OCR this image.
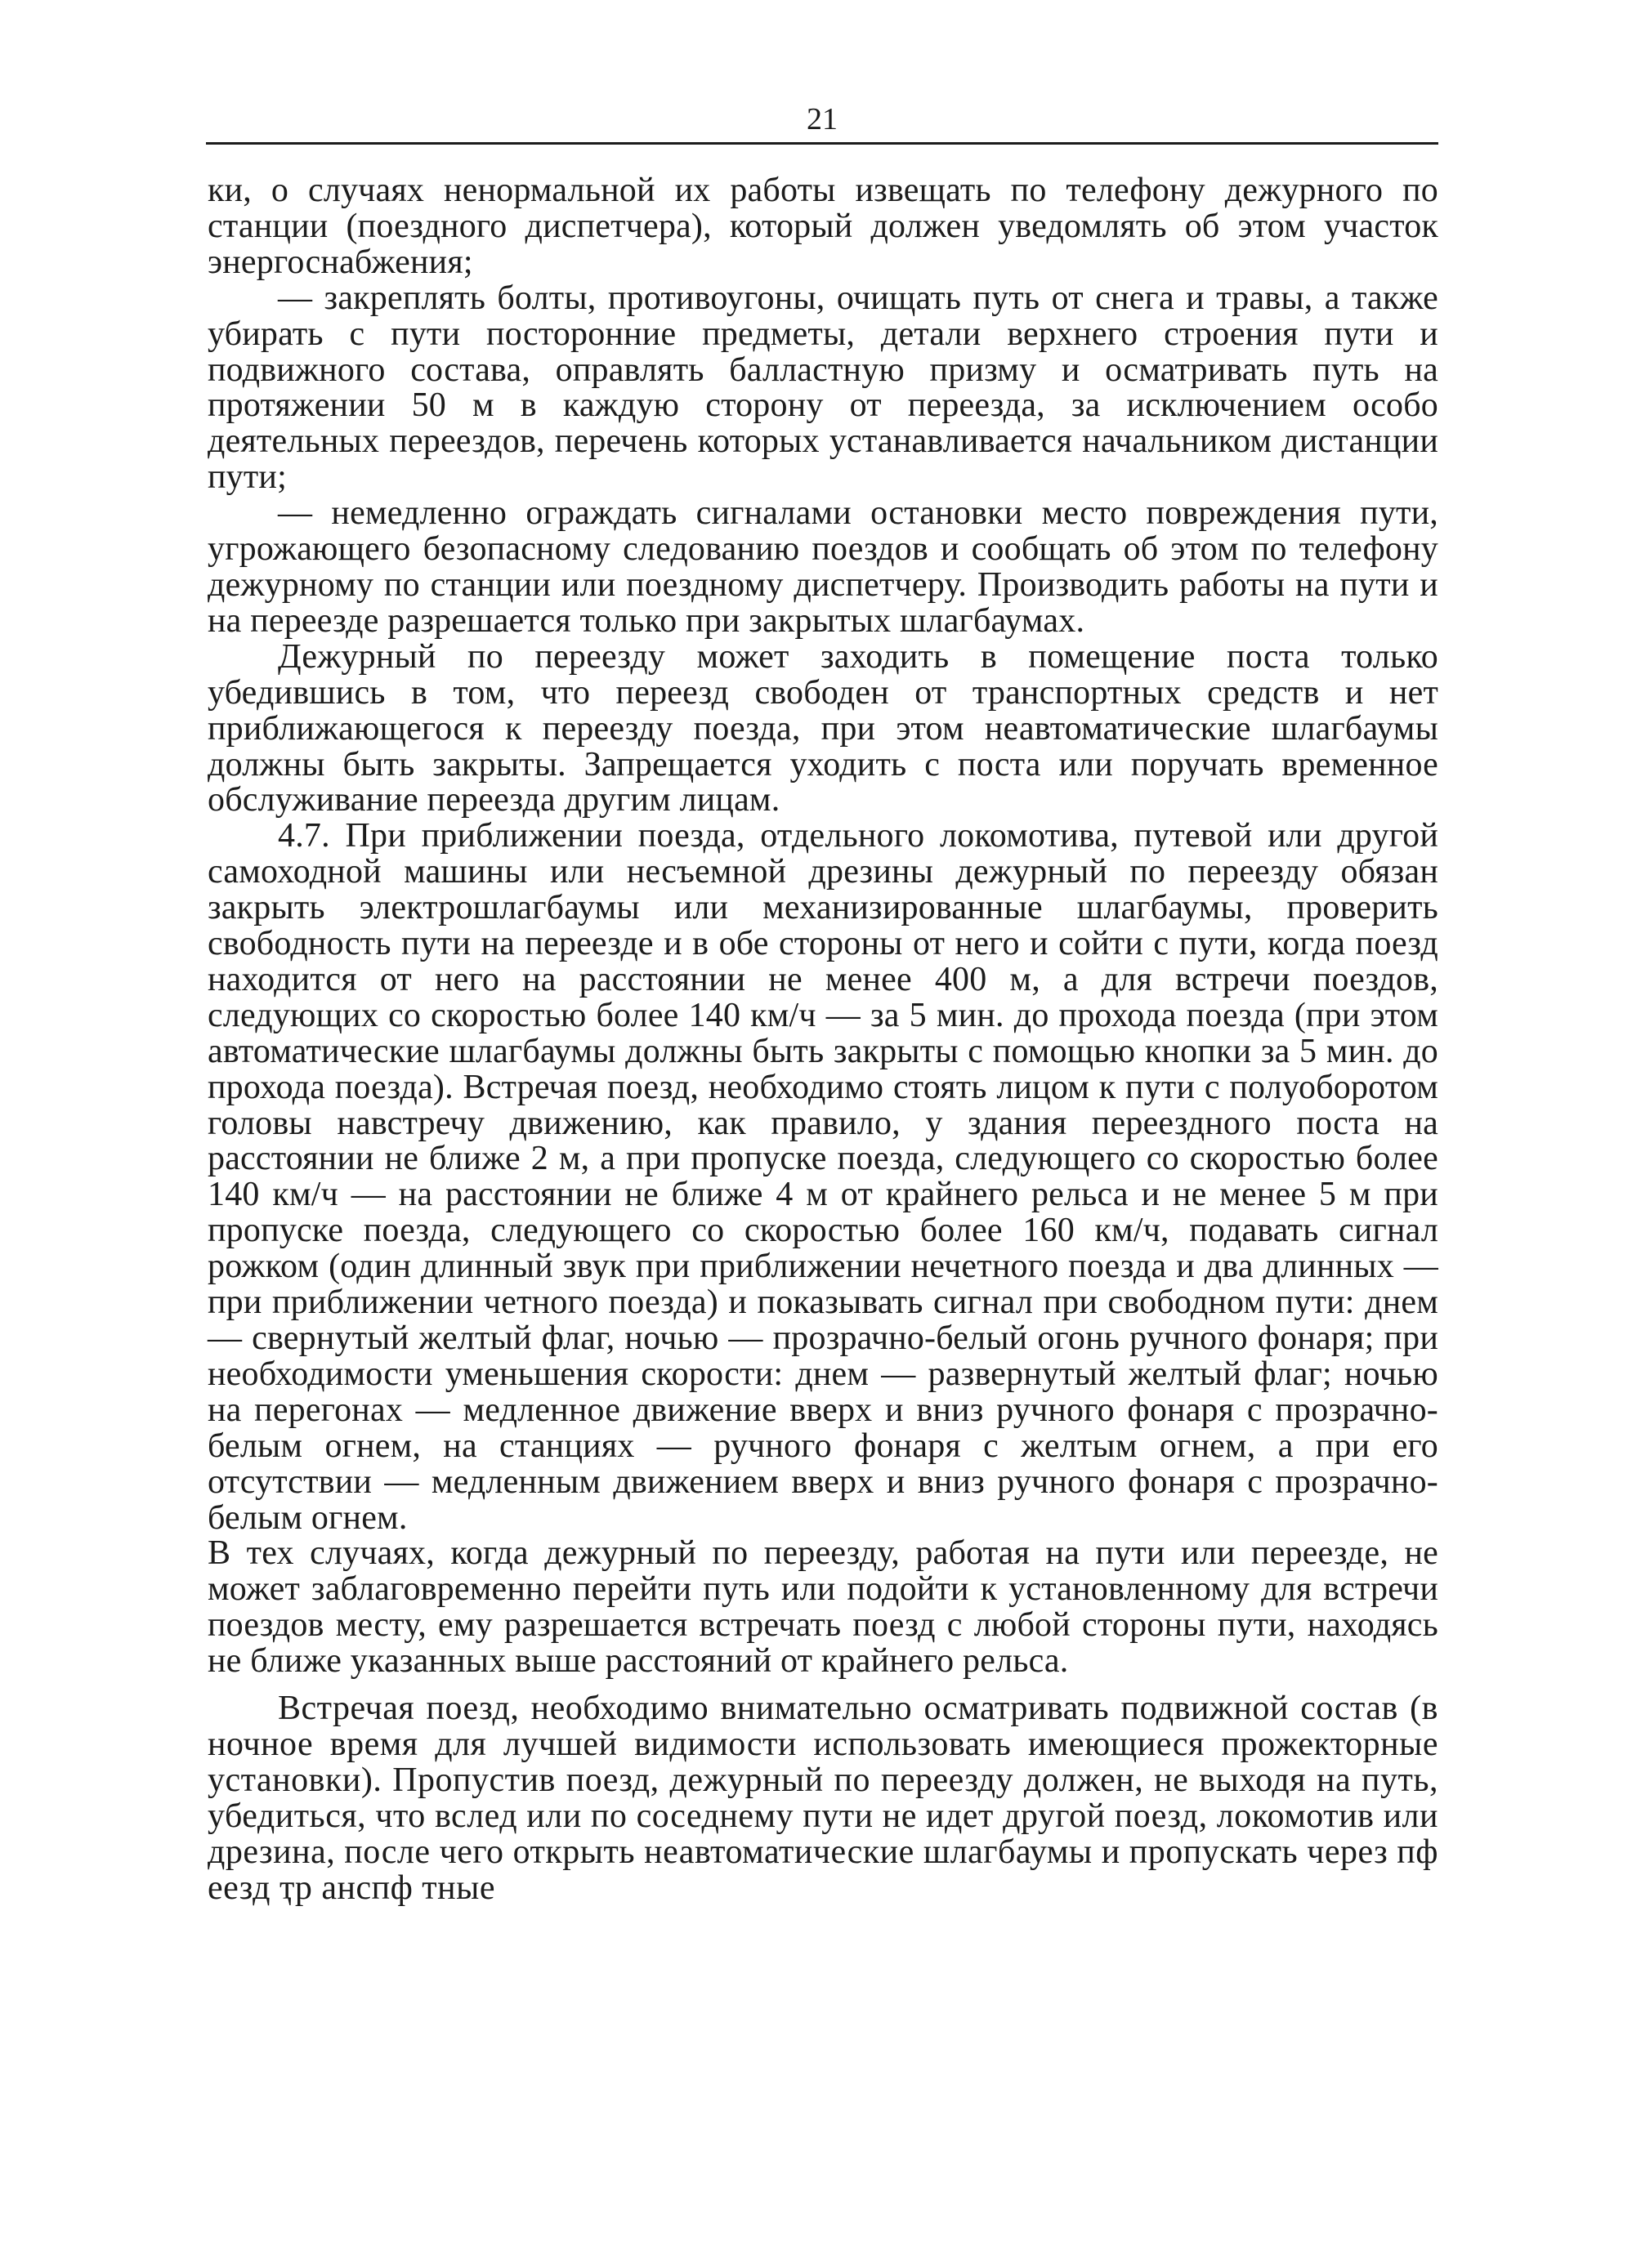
21

ки, о случаях ненормальной их работы извещать по телефону дежурного по станции (поездного диспетчера), который должен уведомлять об этом участок энергоснабжения;

— закреплять болты, противоугоны, очищать путь от снега и травы, а также убирать с пути посторонние предметы, детали верхнего строения пути и подвижного состава, оправлять балластную призму и осматривать путь на протяжении 50 м в каждую сторону от переезда, за исключением особо деятельных переездов, перечень которых устанавливается начальником дистанции пути;

— немедленно ограждать сигналами остановки место повреждения пути, угрожающего безопасному следованию поездов и сообщать об этом по телефону дежурному по станции или поездному диспетчеру. Производить работы на пути и на переезде разрешается только при закрытых шлагбаумах.

Дежурный по переезду может заходить в помещение поста только убедившись в том, что переезд свободен от транспортных средств и нет приближающегося к переезду поезда, при этом неавтоматические шлагбаумы должны быть закрыты. Запрещается уходить с поста или поручать временное обслуживание переезда другим лицам.

4.7. При приближении поезда, отдельного локомотива, путевой или другой самоходной машины или несъемной дрезины дежурный по переезду обязан закрыть электрошлагбаумы или механизированные шлагбаумы, проверить свободность пути на переезде и в обе стороны от него и сойти с пути, когда поезд находится от него на расстоянии не менее 400 м, а для встречи поездов, следующих со скоростью более 140 км/ч — за 5 мин. до прохода поезда (при этом автоматические шлагбаумы должны быть закрыты с помощью кнопки за 5 мин. до прохода поезда). Встречая поезд, необходимо стоять лицом к пути с полуоборотом головы навстречу движению, как правило, у здания переездного поста на расстоянии не ближе 2 м, а при пропуске поезда, следующего со скоростью более 140 км/ч — на расстоянии не ближе 4 м от крайнего рельса и не менее 5 м при пропуске поезда, следующего со скоростью более 160 км/ч, подавать сигнал рожком (один длинный звук при приближении нечетного поезда и два длинных — при приближении четного поезда) и показывать сигнал при свободном пути: днем — свернутый желтый флаг, ночью — прозрачно-белый огонь ручного фонаря; при необходимости уменьшения скорости: днем — развернутый желтый флаг; ночью на перегонах — медленное движение вверх и вниз ручного фонаря с прозрачно-белым огнем, на станциях — ручного фонаря с желтым огнем, а при его отсутствии — медленным движением вверх и вниз ручного фонаря с прозрачно-белым огнем.

В тех случаях, когда дежурный по переезду, работая на пути или переезде, не может заблаговременно перейти путь или подойти к установленному для встречи поездов месту, ему разрешается встречать поезд с любой стороны пути, находясь не ближе указанных выше расстояний от крайнего рельса.

Встречая поезд, необходимо внимательно осматривать подвижной состав (в ночное время для лучшей видимости использовать имеющиеся прожекторные установки). Пропустив поезд, дежурный по переезду должен, не выходя на путь, убедиться, что вслед или по соседнему пути не идет другой поезд, локомотив или дрезина, после чего открыть неавтоматические шлагбаумы и пропускать через пф еезд ҭр анспф тные
